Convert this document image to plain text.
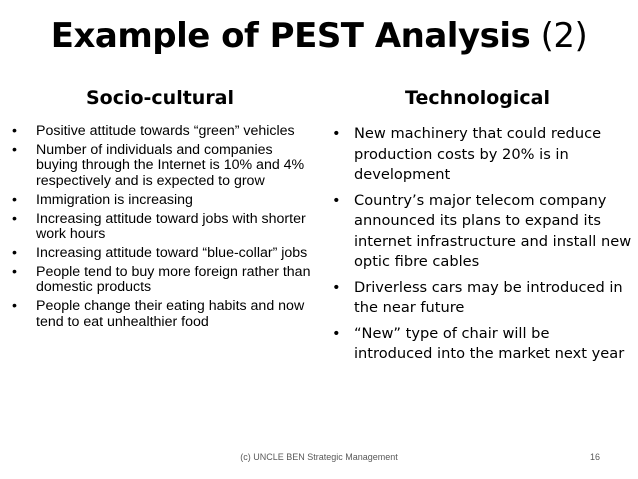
Example of PEST Analysis (2)
Socio-cultural	Technological
• Positive attitude towards “green” vehicles
• Number of individuals and companies buying through the Internet is 10% and 4% respectively and is expected to grow
• Immigration is increasing
• Increasing attitude toward jobs with shorter work hours
• Increasing attitude toward “blue-collar” jobs
• People tend to buy more foreign rather than domestic products
• People change their eating habits and now tend to eat unhealthier food
• New machinery that could reduce production costs by 20% is in development
• Country’s major telecom company announced its plans to expand its internet infrastructure and install new optic fibre cables
• Driverless cars may be introduced in the near future
• “New” type of chair will be introduced into the market next year
(c) UNCLE BEN Strategic Management	16
